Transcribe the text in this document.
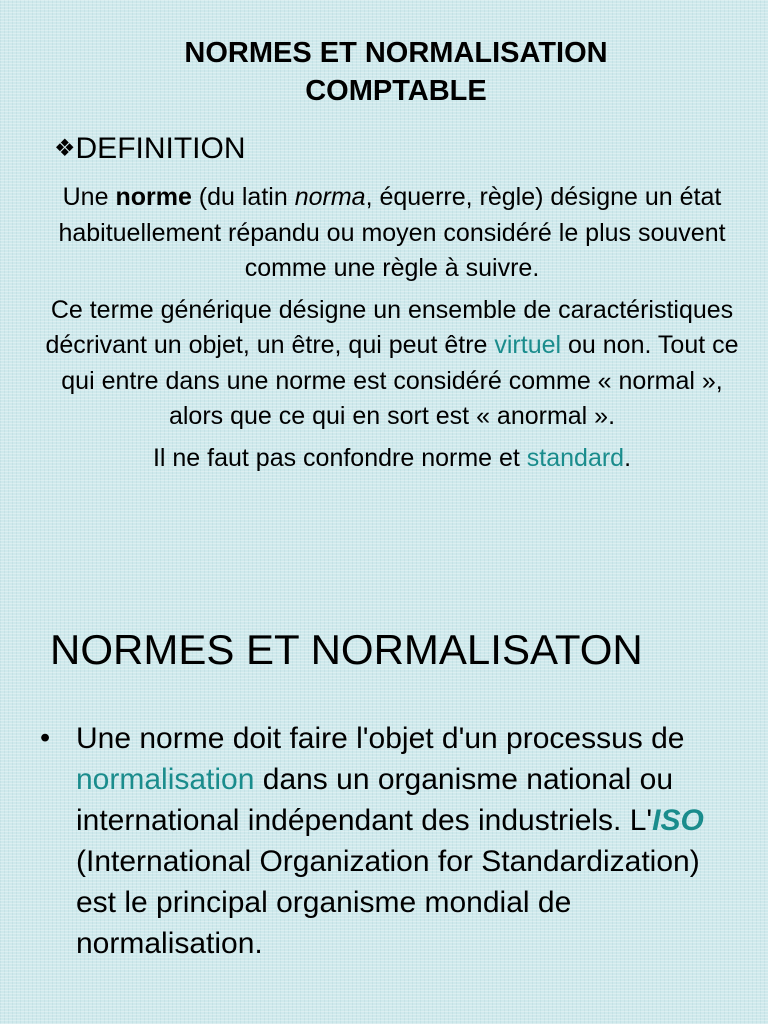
NORMES ET NORMALISATION
COMPTABLE
❖ DEFINITION

Une norme (du latin norma, équerre, règle) désigne un état habituellement répandu ou moyen considéré le plus souvent comme une règle à suivre.

Ce terme générique désigne un ensemble de caractéristiques décrivant un objet, un être, qui peut être virtuel ou non. Tout ce qui entre dans une norme est considéré comme « normal », alors que ce qui en sort est « anormal ».

Il ne faut pas confondre norme et standard.

NORMES ET NORMALISATON
• Une norme doit faire l'objet d'un processus de normalisation dans un organisme national ou international indépendant des industriels. L'ISO (International Organization for Standardization) est le principal organisme mondial de normalisation.
